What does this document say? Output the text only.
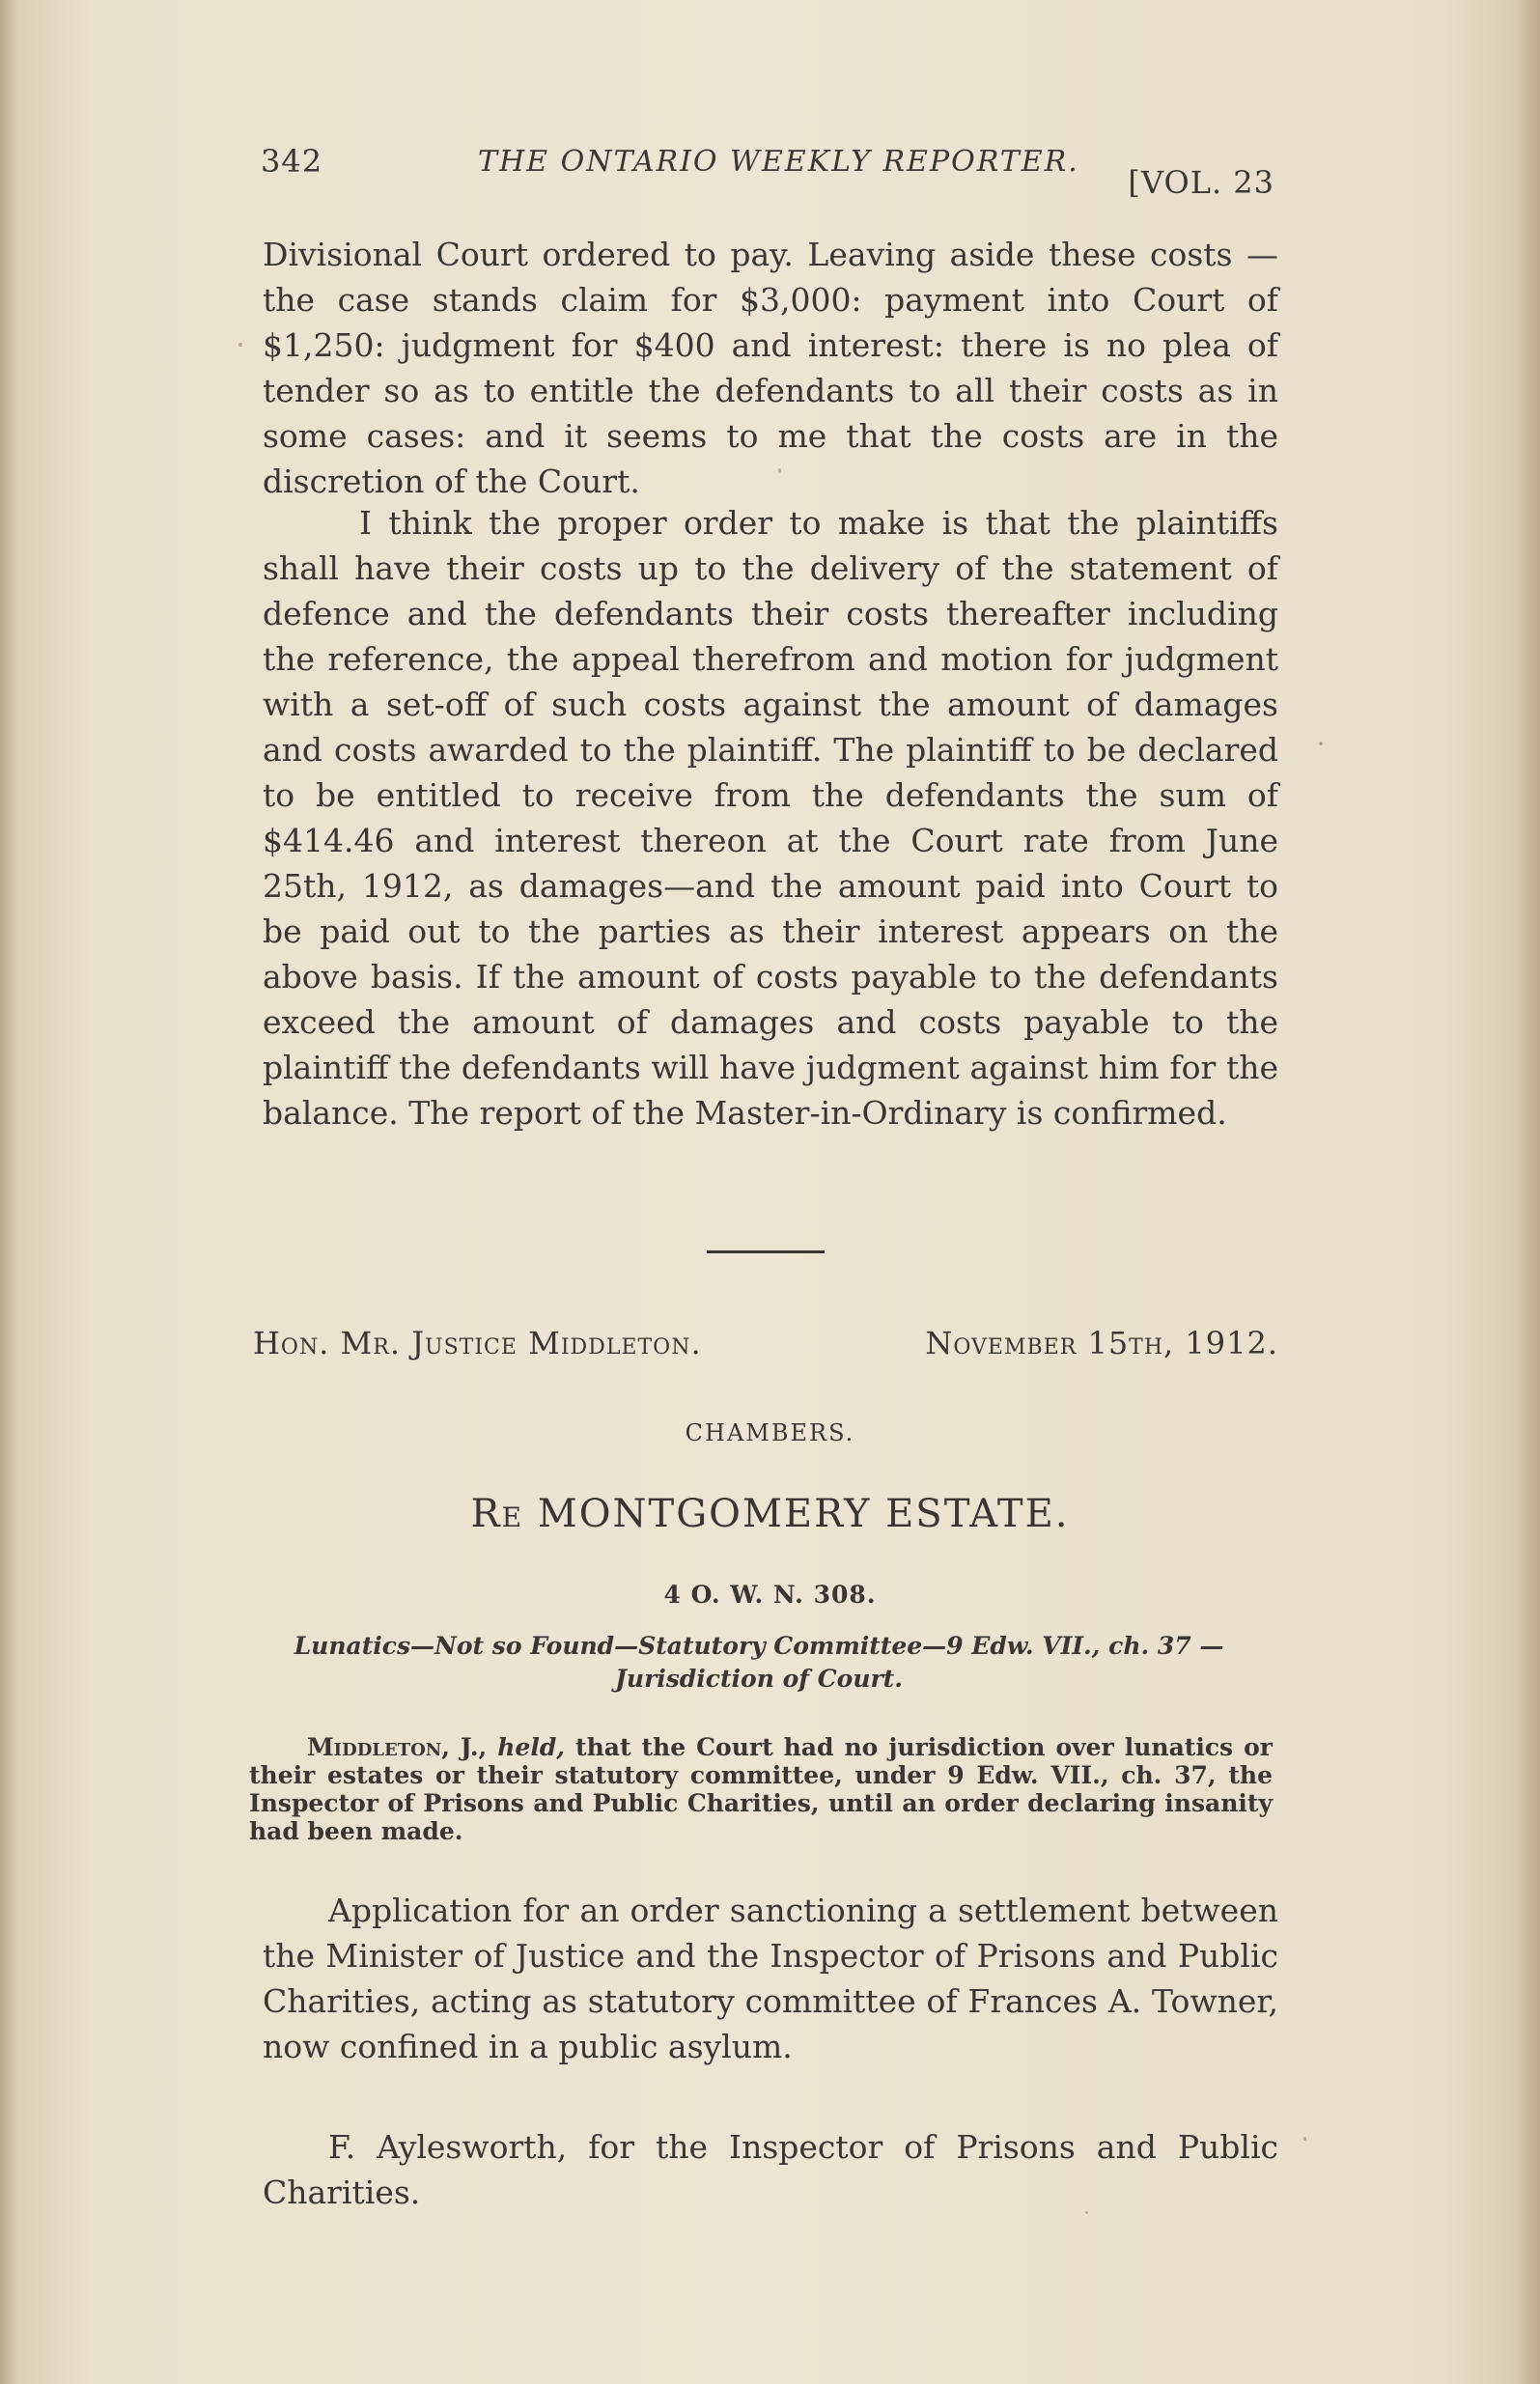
342	THE ONTARIO WEEKLY REPORTER.
[VOL. 23

Divisional Court ordered to pay. Leaving aside these costs —the case stands claim for $3,000: payment into Court of $1,250: judgment for $400 and interest: there is no plea of tender so as to entitle the defendants to all their costs as in some cases: and it seems to me that the costs are in the discretion of the Court.

I think the proper order to make is that the plaintiffs shall have their costs up to the delivery of the statement of defence and the defendants their costs thereafter including the reference, the appeal therefrom and motion for judgment with a set-off of such costs against the amount of damages and costs awarded to the plaintiff. The plaintiff to be declared to be entitled to receive from the defendants the sum of $414.46 and interest thereon at the Court rate from June 25th, 1912, as damages—and the amount paid into Court to be paid out to the parties as their interest appears on the above basis. If the amount of costs payable to the defendants exceed the amount of damages and costs payable to the plaintiff the defendants will have judgment against him for the balance. The report of the Master-in-Ordinary is confirmed.

Hon. Mr. Justice Middleton.	November 15th, 1912.
CHAMBERS.
Re MONTGOMERY ESTATE.
4 O. W. N. 308.

Lunatics—Not so Found—Statutory Committee—9 Edw. VII., ch. 37 —Jurisdiction of Court.

Middleton, J., held, that the Court had no jurisdiction over lunatics or their estates or their statutory committee, under 9 Edw. VII., ch. 37, the Inspector of Prisons and Public Charities, until an order declaring insanity had been made.

Application for an order sanctioning a settlement between the Minister of Justice and the Inspector of Prisons and Public Charities, acting as statutory committee of Frances A. Towner, now confined in a public asylum.

F. Aylesworth, for the Inspector of Prisons and Public Charities.
